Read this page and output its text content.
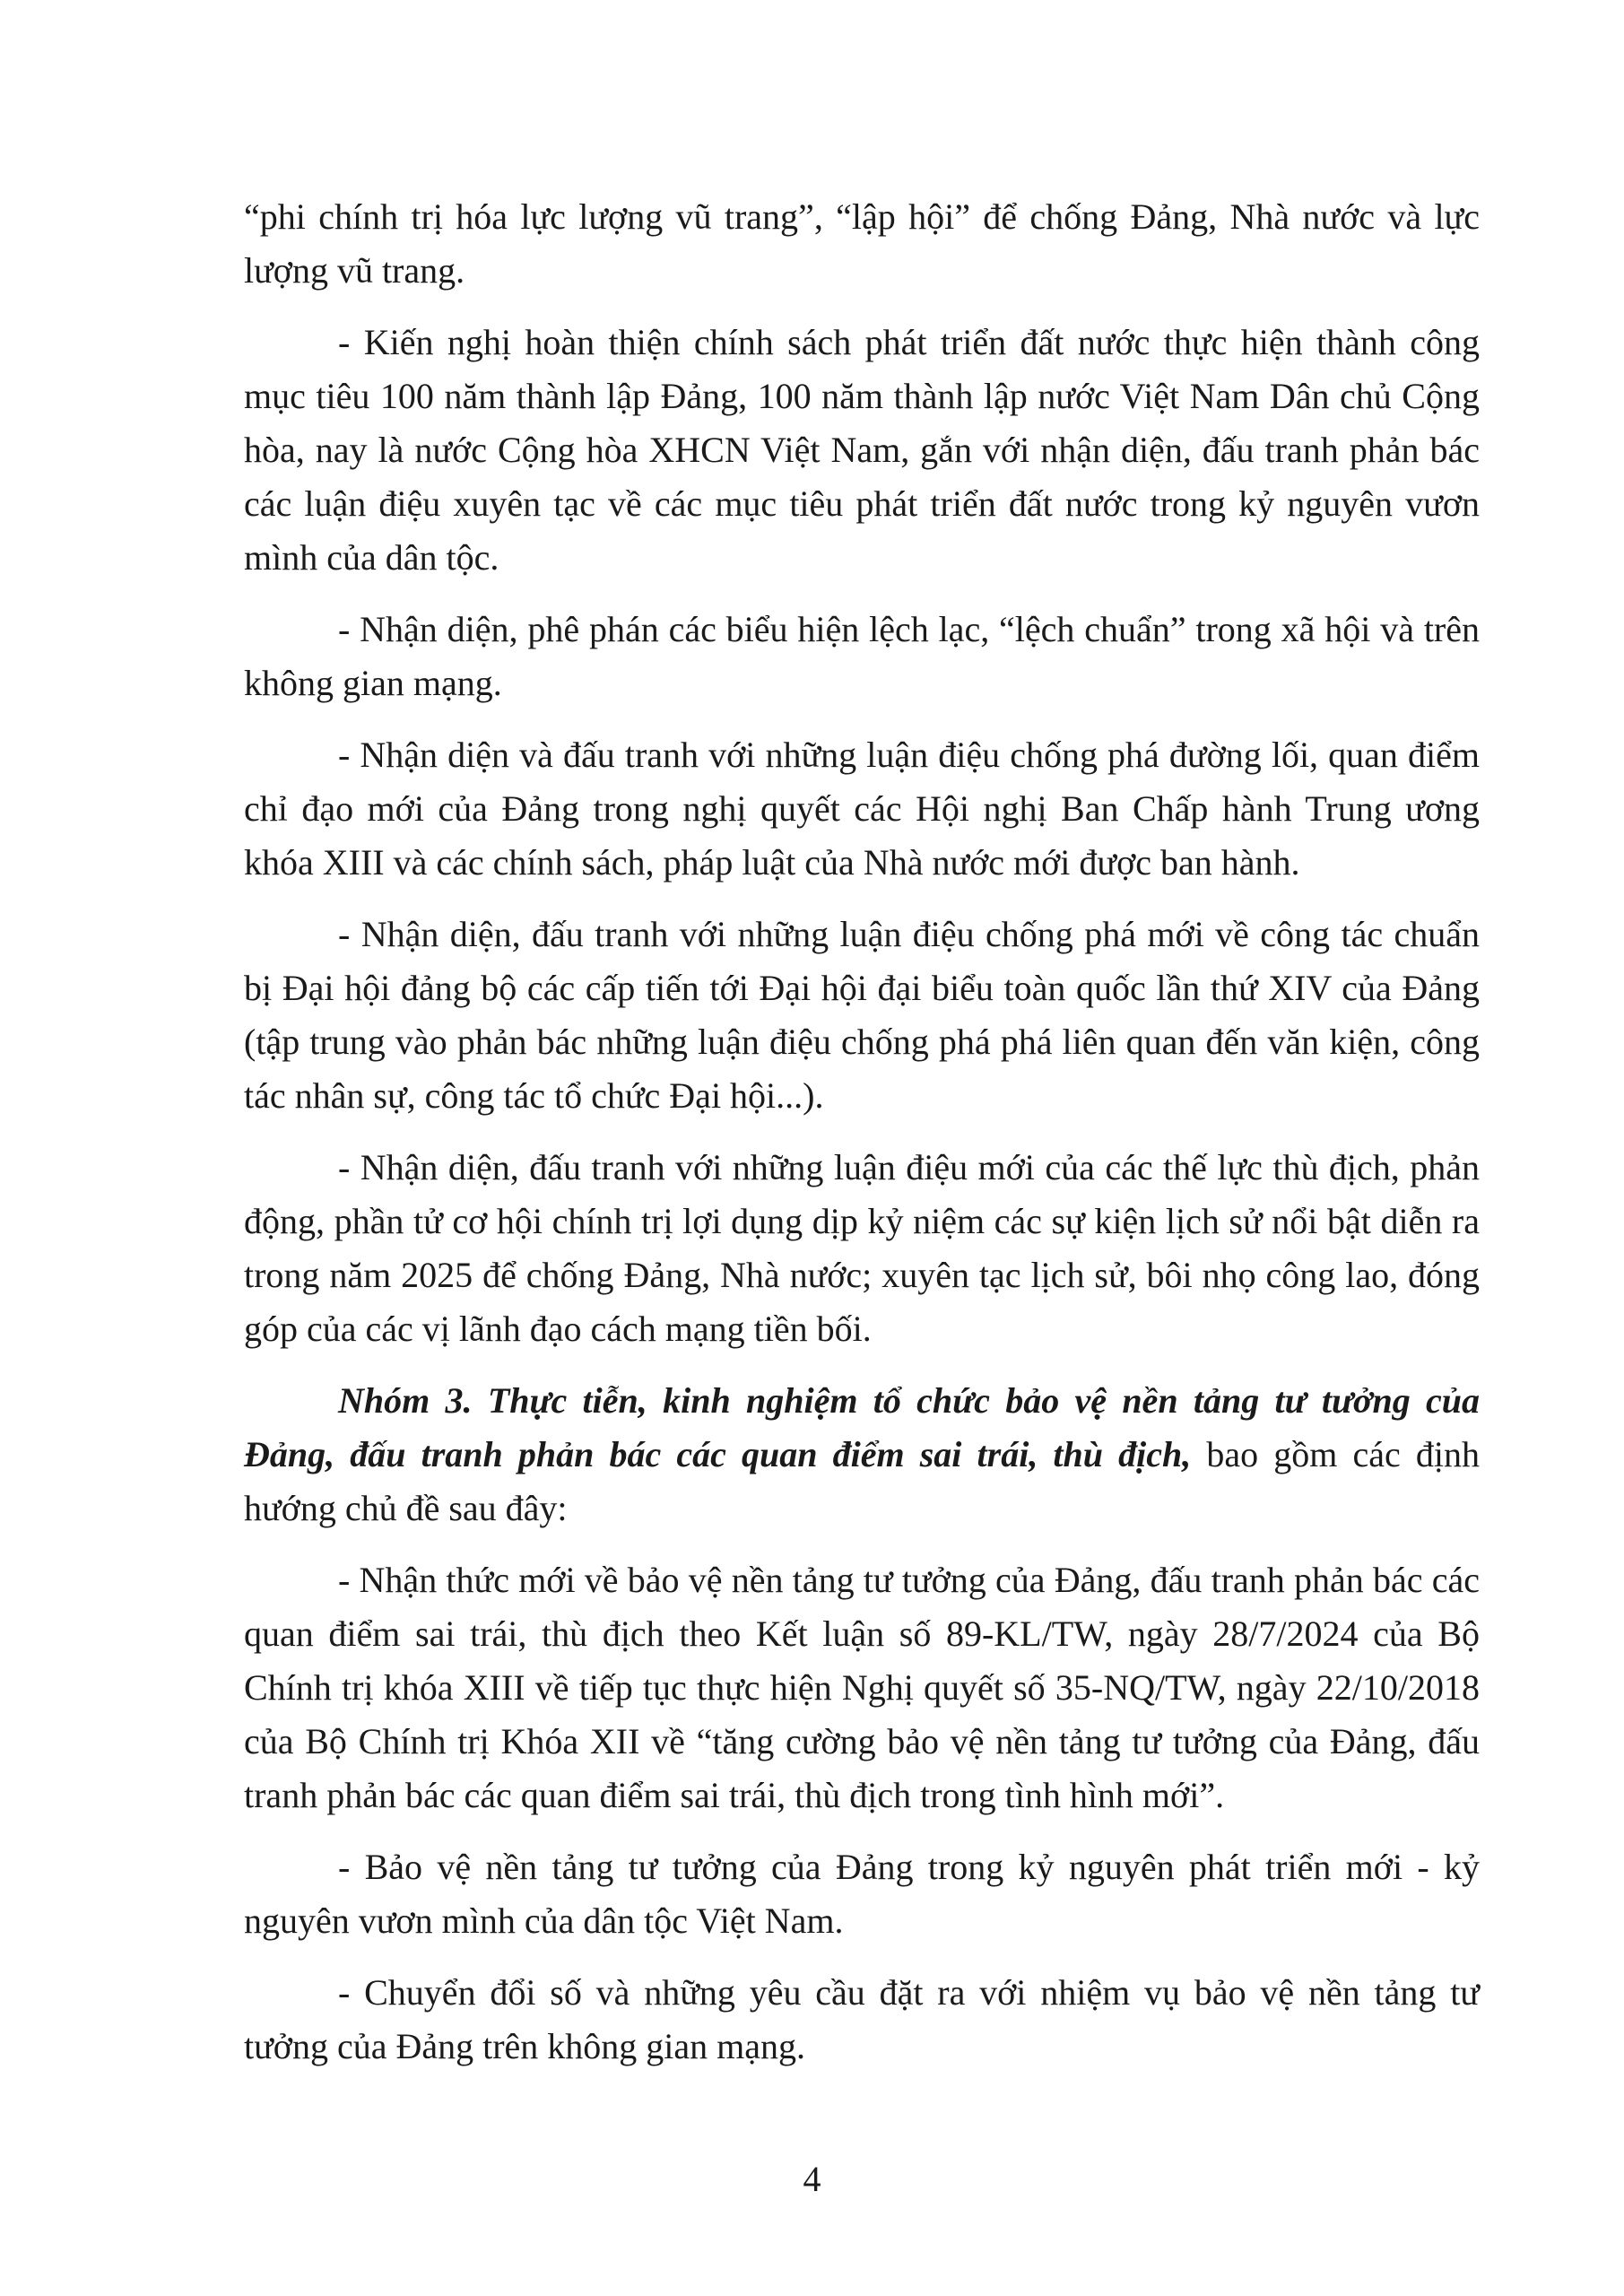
“phi chính trị hóa lực lượng vũ trang”, “lập hội” để chống Đảng, Nhà nước và lực lượng vũ trang.

- Kiến nghị hoàn thiện chính sách phát triển đất nước thực hiện thành công mục tiêu 100 năm thành lập Đảng, 100 năm thành lập nước Việt Nam Dân chủ Cộng hòa, nay là nước Cộng hòa XHCN Việt Nam, gắn với nhận diện, đấu tranh phản bác các luận điệu xuyên tạc về các mục tiêu phát triển đất nước trong kỷ nguyên vươn mình của dân tộc.

- Nhận diện, phê phán các biểu hiện lệch lạc, “lệch chuẩn” trong xã hội và trên không gian mạng.

- Nhận diện và đấu tranh với những luận điệu chống phá đường lối, quan điểm chỉ đạo mới của Đảng trong nghị quyết các Hội nghị Ban Chấp hành Trung ương khóa XIII và các chính sách, pháp luật của Nhà nước mới được ban hành.

- Nhận diện, đấu tranh với những luận điệu chống phá mới về công tác chuẩn bị Đại hội đảng bộ các cấp tiến tới Đại hội đại biểu toàn quốc lần thứ XIV của Đảng (tập trung vào phản bác những luận điệu chống phá phá liên quan đến văn kiện, công tác nhân sự, công tác tổ chức Đại hội...).

- Nhận diện, đấu tranh với những luận điệu mới của các thế lực thù địch, phản động, phần tử cơ hội chính trị lợi dụng dịp kỷ niệm các sự kiện lịch sử nổi bật diễn ra trong năm 2025 để chống Đảng, Nhà nước; xuyên tạc lịch sử, bôi nhọ công lao, đóng góp của các vị lãnh đạo cách mạng tiền bối.

Nhóm 3. Thực tiễn, kinh nghiệm tổ chức bảo vệ nền tảng tư tưởng của Đảng, đấu tranh phản bác các quan điểm sai trái, thù địch, bao gồm các định hướng chủ đề sau đây:

- Nhận thức mới về bảo vệ nền tảng tư tưởng của Đảng, đấu tranh phản bác các quan điểm sai trái, thù địch theo Kết luận số 89-KL/TW, ngày 28/7/2024 của Bộ Chính trị khóa XIII về tiếp tục thực hiện Nghị quyết số 35-NQ/TW, ngày 22/10/2018 của Bộ Chính trị Khóa XII về “tăng cường bảo vệ nền tảng tư tưởng của Đảng, đấu tranh phản bác các quan điểm sai trái, thù địch trong tình hình mới”.

- Bảo vệ nền tảng tư tưởng của Đảng trong kỷ nguyên phát triển mới - kỷ nguyên vươn mình của dân tộc Việt Nam.

- Chuyển đổi số và những yêu cầu đặt ra với nhiệm vụ bảo vệ nền tảng tư tưởng của Đảng trên không gian mạng.

4
